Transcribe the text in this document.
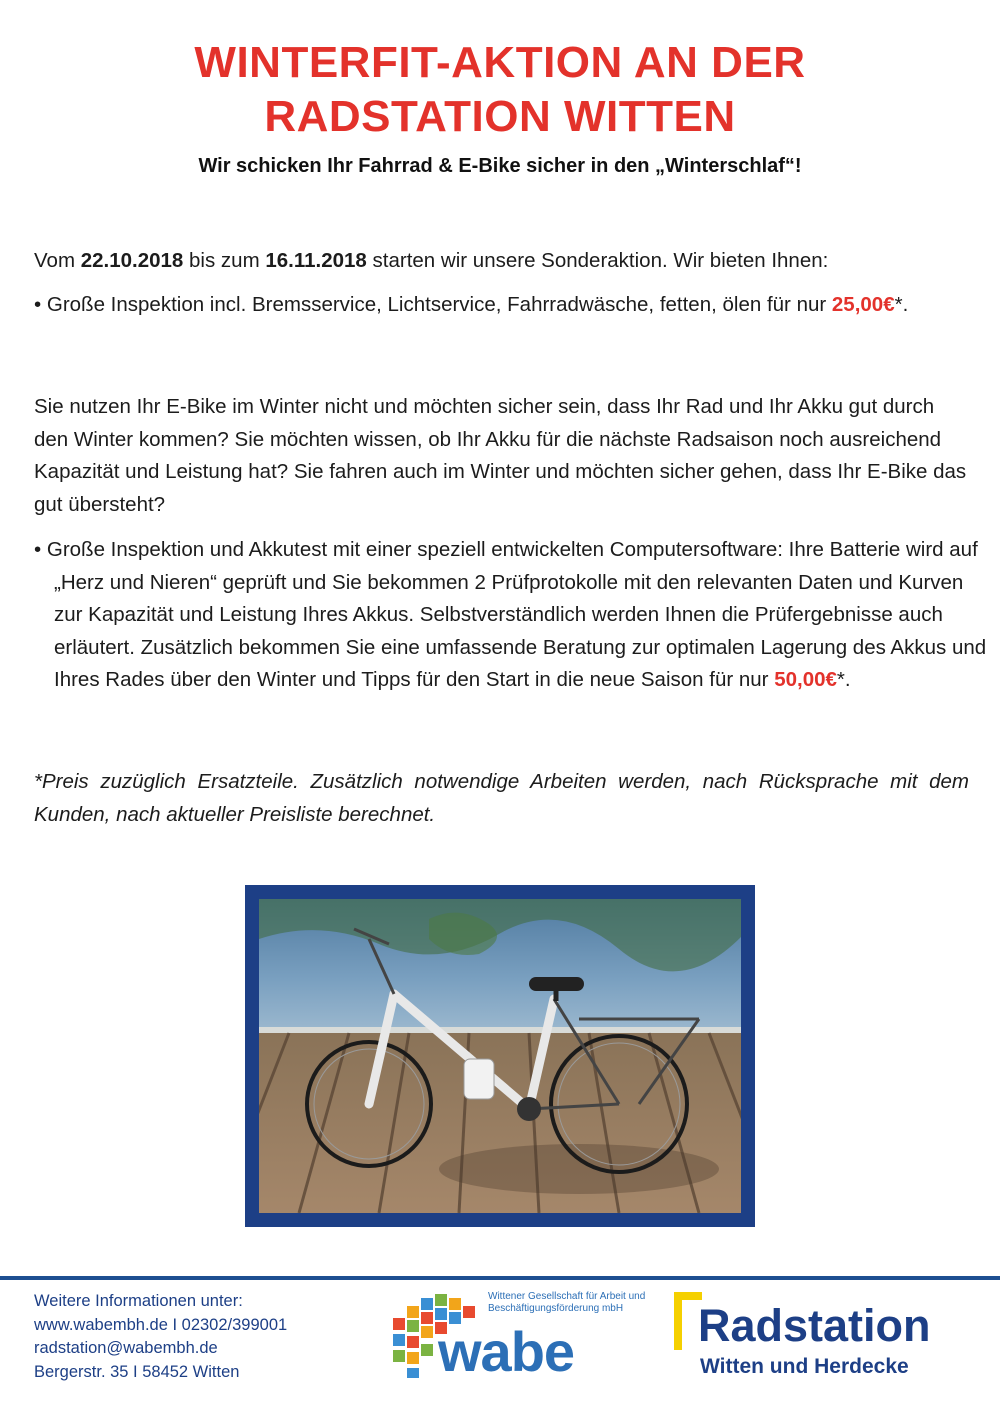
WINTERFIT-AKTION AN DER
RADSTATION WITTEN
Wir schicken Ihr Fahrrad & E-Bike sicher in den „Winterschlaf“!
Vom 22.10.2018 bis zum 16.11.2018 starten wir unsere Sonderaktion. Wir bieten Ihnen:
• Große Inspektion incl. Bremsservice, Lichtservice, Fahrradwäsche, fetten, ölen für nur 25,00€*.
Sie nutzen Ihr E-Bike im Winter nicht und möchten sicher sein, dass Ihr Rad und Ihr Akku gut durch den Winter kommen? Sie möchten wissen, ob Ihr Akku für die nächste Radsaison noch ausreichend Kapazität und Leistung hat? Sie fahren auch im Winter und möchten sicher gehen, dass Ihr E-Bike das gut übersteht?
• Große Inspektion und Akkutest mit einer speziell entwickelten Computersoftware: Ihre Batterie wird auf „Herz und Nieren“ geprüft und Sie bekommen 2 Prüfprotokolle mit den relevanten Daten und Kurven zur Kapazität und Leistung Ihres Akkus. Selbstverständlich werden Ihnen die Prüfergebnisse auch erläutert. Zusätzlich bekommen Sie eine umfassende Beratung zur optimalen Lagerung des Akkus und Ihres Rades über den Winter und Tipps für den Start in die neue Saison für nur 50,00€*.
*Preis zuzüglich Ersatzteile. Zusätzlich notwendige Arbeiten werden, nach Rücksprache mit dem Kunden, nach aktueller Preisliste berechnet.
Weitere Informationen unter:
www.wabembh.de I 02302/399001
radstation@wabembh.de
Bergerstr. 35 I 58452 Witten
Wittener Gesellschaft für Arbeit und Beschäftigungsförderung mbH
wabe	Radstation
Witten und Herdecke
